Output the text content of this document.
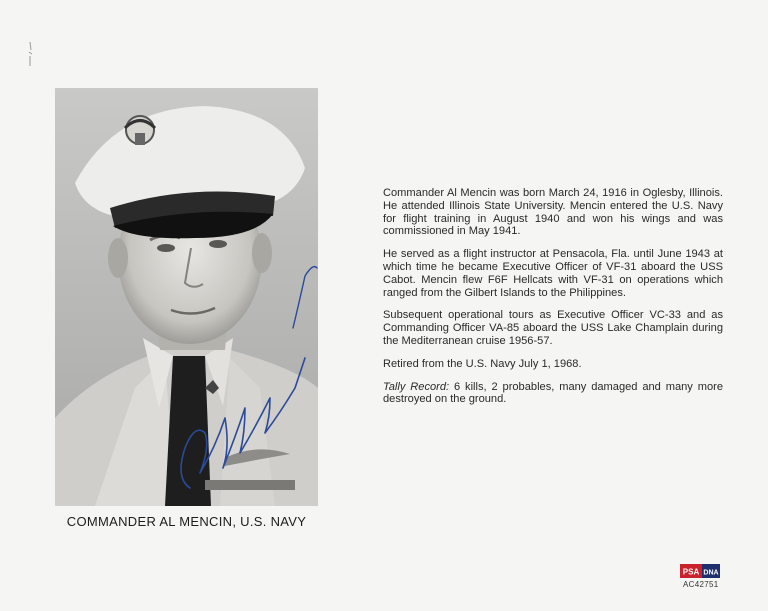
COMMANDER AL MENCIN, U.S. NAVY

Commander Al Mencin was born March 24, 1916 in Oglesby, Illinois. He attended Illinois State University. Mencin entered the U.S. Navy for flight training in August 1940 and won his wings and was commissioned in May 1941.

He served as a flight instructor at Pensacola, Fla. until June 1943 at which time he became Executive Officer of VF-31 aboard the USS Cabot. Mencin flew F6F Hellcats with VF-31 on operations which ranged from the Gilbert Islands to the Philippines.

Subsequent operational tours as Executive Officer VC-33 and as Commanding Officer VA-85 aboard the USS Lake Champlain during the Mediterranean cruise 1956-57.

Retired from the U.S. Navy July 1, 1968.

Tally Record: 6 kills, 2 probables, many damaged and many more destroyed on the ground.

PSA DNA
AC42751
